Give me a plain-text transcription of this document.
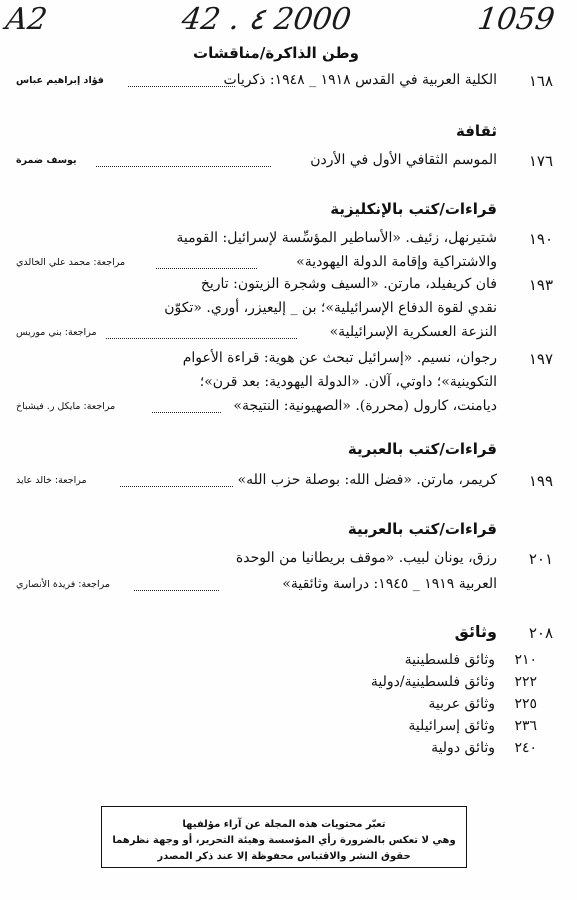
A2	42 . ٤ 2000	1059
وطن الذاكرة/مناقشات
١٦٨
الكلية العربية في القدس ١٩١٨ _ ١٩٤٨: ذكريات
فؤاد إبراهيم عباس
ثقافة
١٧٦
الموسم الثقافي الأول في الأردن
يوسف ضمرة
قراءات/كتب بالإنكليزية
١٩٠
شتيرنهل، زئيف. «الأساطير المؤسِّسة لإسرائيل: القومية
والاشتراكية وإقامة الدولة اليهودية»
مراجعة: محمد علي الخالدي
١٩٣
فان كريفيلد، مارتن. «السيف وشجرة الزيتون: تاريخ
نقدي لقوة الدفاع الإسرائيلية»؛ بن _ إليعيزر، أوري. «تكوّن
النزعة العسكرية الإسرائيلية»
مراجعة: بني موريس
١٩٧
رجوان، نسيم. «إسرائيل تبحث عن هوية: قراءة الأعوام
التكوينية»؛ داوتي، آلان. «الدولة اليهودية: بعد قرن»؛
ديامنت، كارول (محررة). «الصهيونية: النتيجة»
مراجعة: مايكل ر. فيشباخ
قراءات/كتب بالعبرية
١٩٩
كريمر، مارتن. «فضل الله: بوصلة حزب الله»
مراجعة: خالد عايد
قراءات/كتب بالعربية
٢٠١
رزق، يونان لبيب. «موقف بريطانيا من الوحدة
العربية ١٩١٩ _ ١٩٤٥: دراسة وثائقية»
مراجعة: فريدة الأنصاري
٢٠٨
وثائق
٢١٠
وثائق فلسطينية
٢٢٢
وثائق فلسطينية/دولية
٢٢٥
وثائق عربية
٢٣٦
وثائق إسرائيلية
٢٤٠
وثائق دولية
تعبّر محتويات هذه المجلة عن آراء مؤلفيها
وهي لا تعكس بالضرورة رأي المؤسسة وهيئة التحرير، أو وجهة نظرهما
حقوق النشر والاقتباس محفوظة إلا عند ذكر المصدر
